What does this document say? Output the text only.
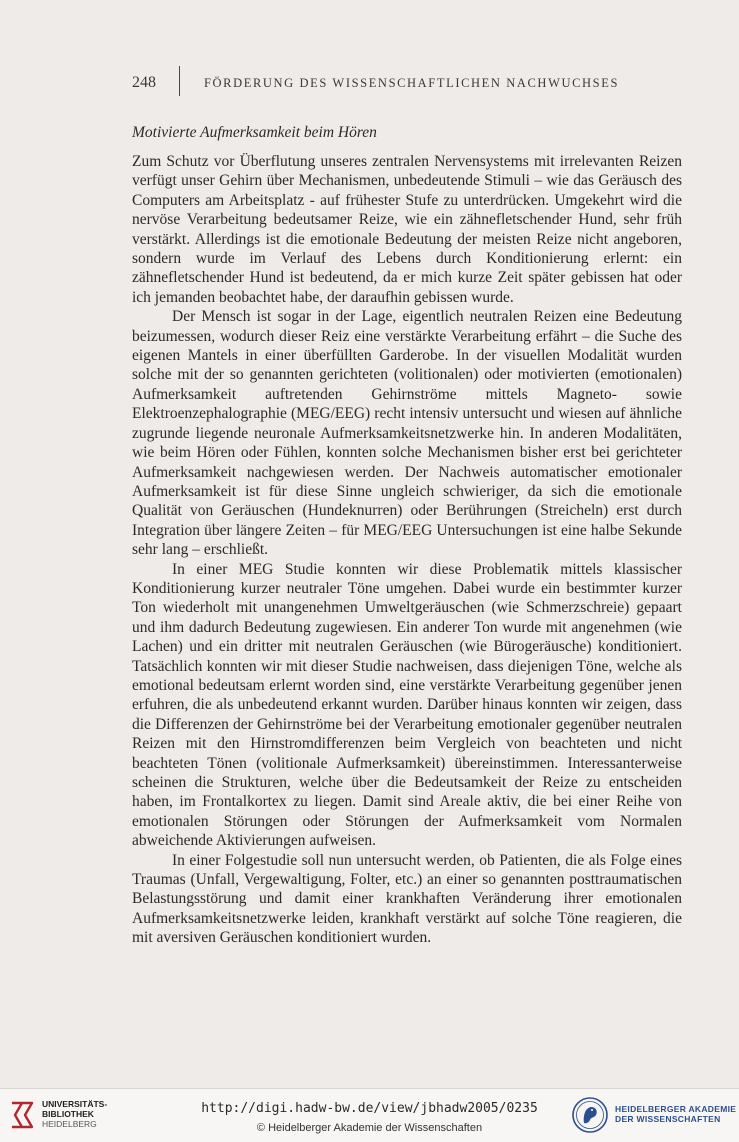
248	FÖRDERUNG DES WISSENSCHAFTLICHEN NACHWUCHSES
Motivierte Aufmerksamkeit beim Hören

Zum Schutz vor Überflutung unseres zentralen Nervensystems mit irrelevanten Reizen verfügt unser Gehirn über Mechanismen, unbedeutende Stimuli – wie das Geräusch des Computers am Arbeitsplatz - auf frühester Stufe zu unterdrücken. Umgekehrt wird die nervöse Verarbeitung bedeutsamer Reize, wie ein zähnefletschender Hund, sehr früh verstärkt. Allerdings ist die emotionale Bedeutung der meisten Reize nicht angeboren, sondern wurde im Verlauf des Lebens durch Konditionierung erlernt: ein zähnefletschender Hund ist bedeutend, da er mich kurze Zeit später gebissen hat oder ich jemanden beobachtet habe, der daraufhin gebissen wurde.

Der Mensch ist sogar in der Lage, eigentlich neutralen Reizen eine Bedeutung beizumessen, wodurch dieser Reiz eine verstärkte Verarbeitung erfährt – die Suche des eigenen Mantels in einer überfüllten Garderobe. In der visuellen Modalität wurden solche mit der so genannten gerichteten (volitionalen) oder motivierten (emotionalen) Aufmerksamkeit auftretenden Gehirnströme mittels Magneto- sowie Elektroenzephalographie (MEG/EEG) recht intensiv untersucht und wiesen auf ähnliche zugrunde liegende neuronale Aufmerksamkeitsnetzwerke hin. In anderen Modalitäten, wie beim Hören oder Fühlen, konnten solche Mechanismen bisher erst bei gerichteter Aufmerksamkeit nachgewiesen werden. Der Nachweis automatischer emotionaler Aufmerksamkeit ist für diese Sinne ungleich schwieriger, da sich die emotionale Qualität von Geräuschen (Hundeknurren) oder Berührungen (Streicheln) erst durch Integration über längere Zeiten – für MEG/EEG Untersuchungen ist eine halbe Sekunde sehr lang – erschließt.

In einer MEG Studie konnten wir diese Problematik mittels klassischer Konditionierung kurzer neutraler Töne umgehen. Dabei wurde ein bestimmter kurzer Ton wiederholt mit unangenehmen Umweltgeräuschen (wie Schmerzschreie) gepaart und ihm dadurch Bedeutung zugewiesen. Ein anderer Ton wurde mit angenehmen (wie Lachen) und ein dritter mit neutralen Geräuschen (wie Bürogeräusche) konditioniert. Tatsächlich konnten wir mit dieser Studie nachweisen, dass diejenigen Töne, welche als emotional bedeutsam erlernt worden sind, eine verstärkte Verarbeitung gegenüber jenen erfuhren, die als unbedeutend erkannt wurden. Darüber hinaus konnten wir zeigen, dass die Differenzen der Gehirnströme bei der Verarbeitung emotionaler gegenüber neutralen Reizen mit den Hirnstromdifferenzen beim Vergleich von beachteten und nicht beachteten Tönen (volitionale Aufmerksamkeit) übereinstimmen. Interessanterweise scheinen die Strukturen, welche über die Bedeutsamkeit der Reize zu entscheiden haben, im Frontalkortex zu liegen. Damit sind Areale aktiv, die bei einer Reihe von emotionalen Störungen oder Störungen der Aufmerksamkeit vom Normalen abweichende Aktivierungen aufweisen.

In einer Folgestudie soll nun untersucht werden, ob Patienten, die als Folge eines Traumas (Unfall, Vergewaltigung, Folter, etc.) an einer so genannten posttraumatischen Belastungsstörung und damit einer krankhaften Veränderung ihrer emotionalen Aufmerksamkeitsnetzwerke leiden, krankhaft verstärkt auf solche Töne reagieren, die mit aversiven Geräuschen konditioniert wurden.

UNIVERSITÄTS-
BIBLIOTHEK
HEIDELBERG
http://digi.hadw-bw.de/view/jbhadw2005/0235
© Heidelberger Akademie der Wissenschaften
HEIDELBERGER AKADEMIE
DER WISSENSCHAFTEN
